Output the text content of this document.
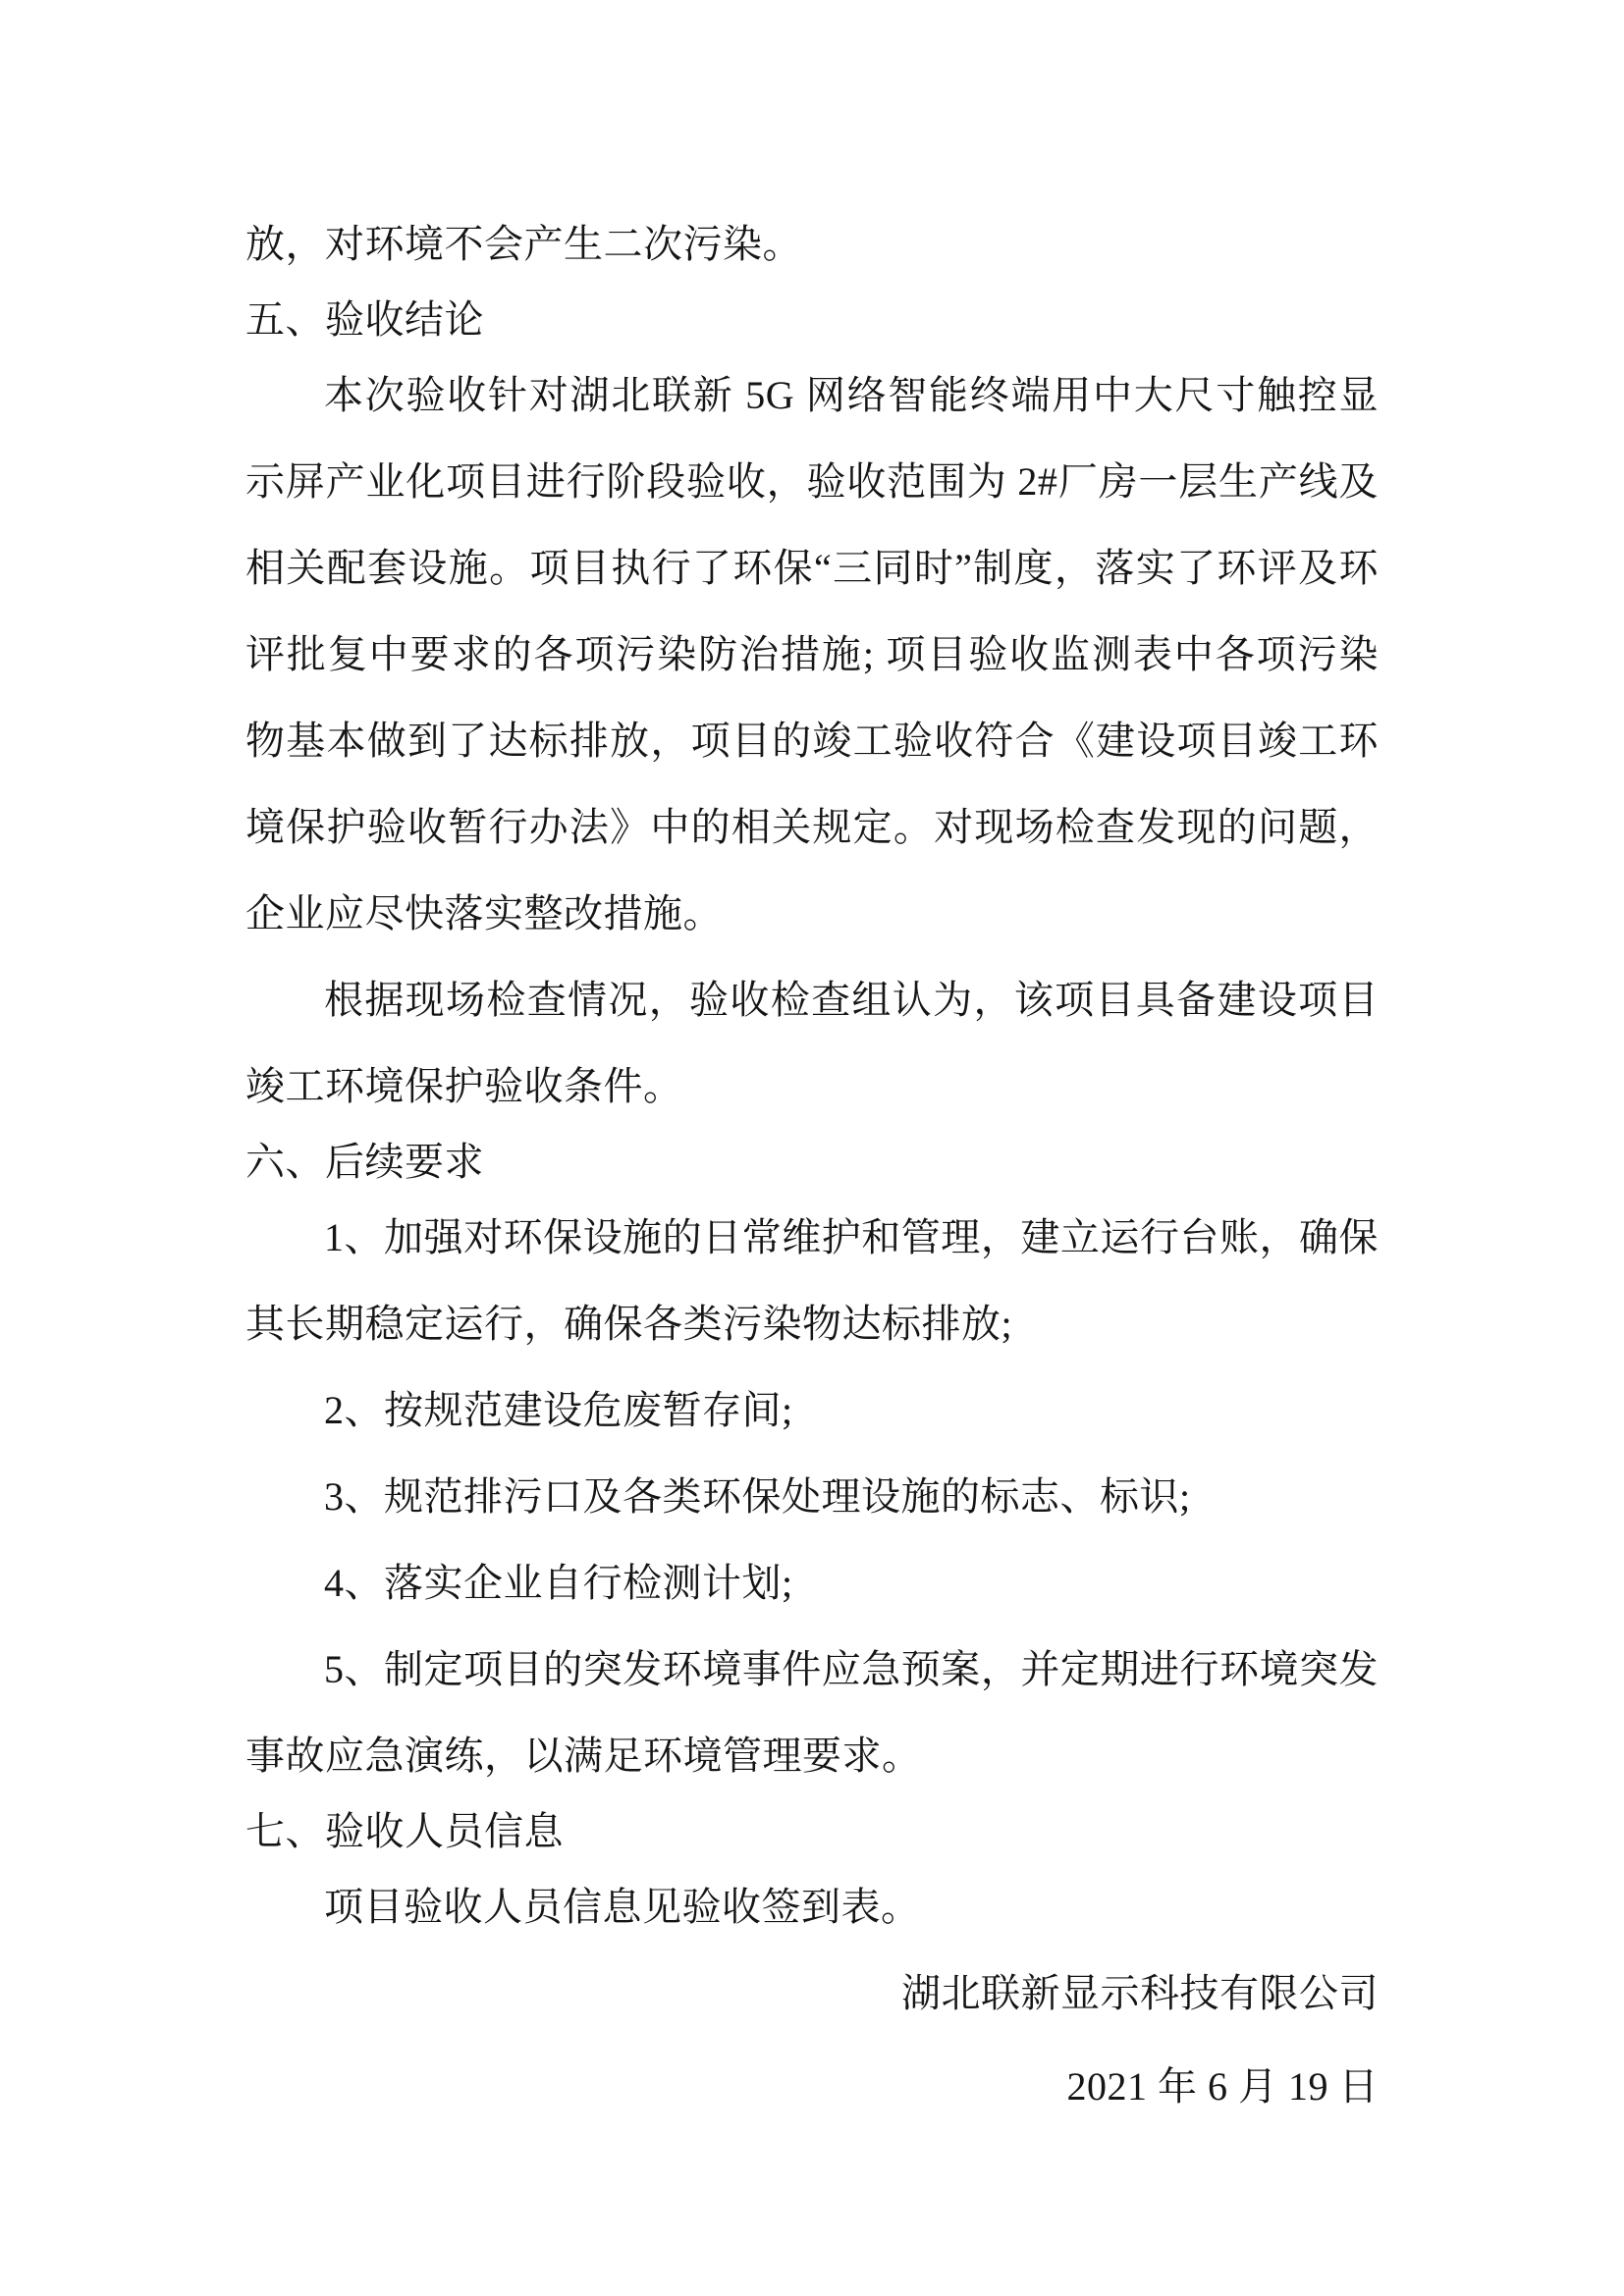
放，对环境不会产生二次污染。

五、验收结论

本次验收针对湖北联新 5G 网络智能终端用中大尺寸触控显示屏产业化项目进行阶段验收，验收范围为 2#厂房一层生产线及相关配套设施。项目执行了环保“三同时”制度，落实了环评及环评批复中要求的各项污染防治措施; 项目验收监测表中各项污染物基本做到了达标排放，项目的竣工验收符合《建设项目竣工环境保护验收暂行办法》中的相关规定。对现场检查发现的问题，企业应尽快落实整改措施。

根据现场检查情况，验收检查组认为，该项目具备建设项目竣工环境保护验收条件。

六、后续要求

1、加强对环保设施的日常维护和管理，建立运行台账，确保其长期稳定运行，确保各类污染物达标排放;

2、按规范建设危废暂存间;

3、规范排污口及各类环保处理设施的标志、标识;

4、落实企业自行检测计划;

5、制定项目的突发环境事件应急预案，并定期进行环境突发事故应急演练，以满足环境管理要求。

七、验收人员信息

项目验收人员信息见验收签到表。

湖北联新显示科技有限公司

2021 年 6 月 19 日
